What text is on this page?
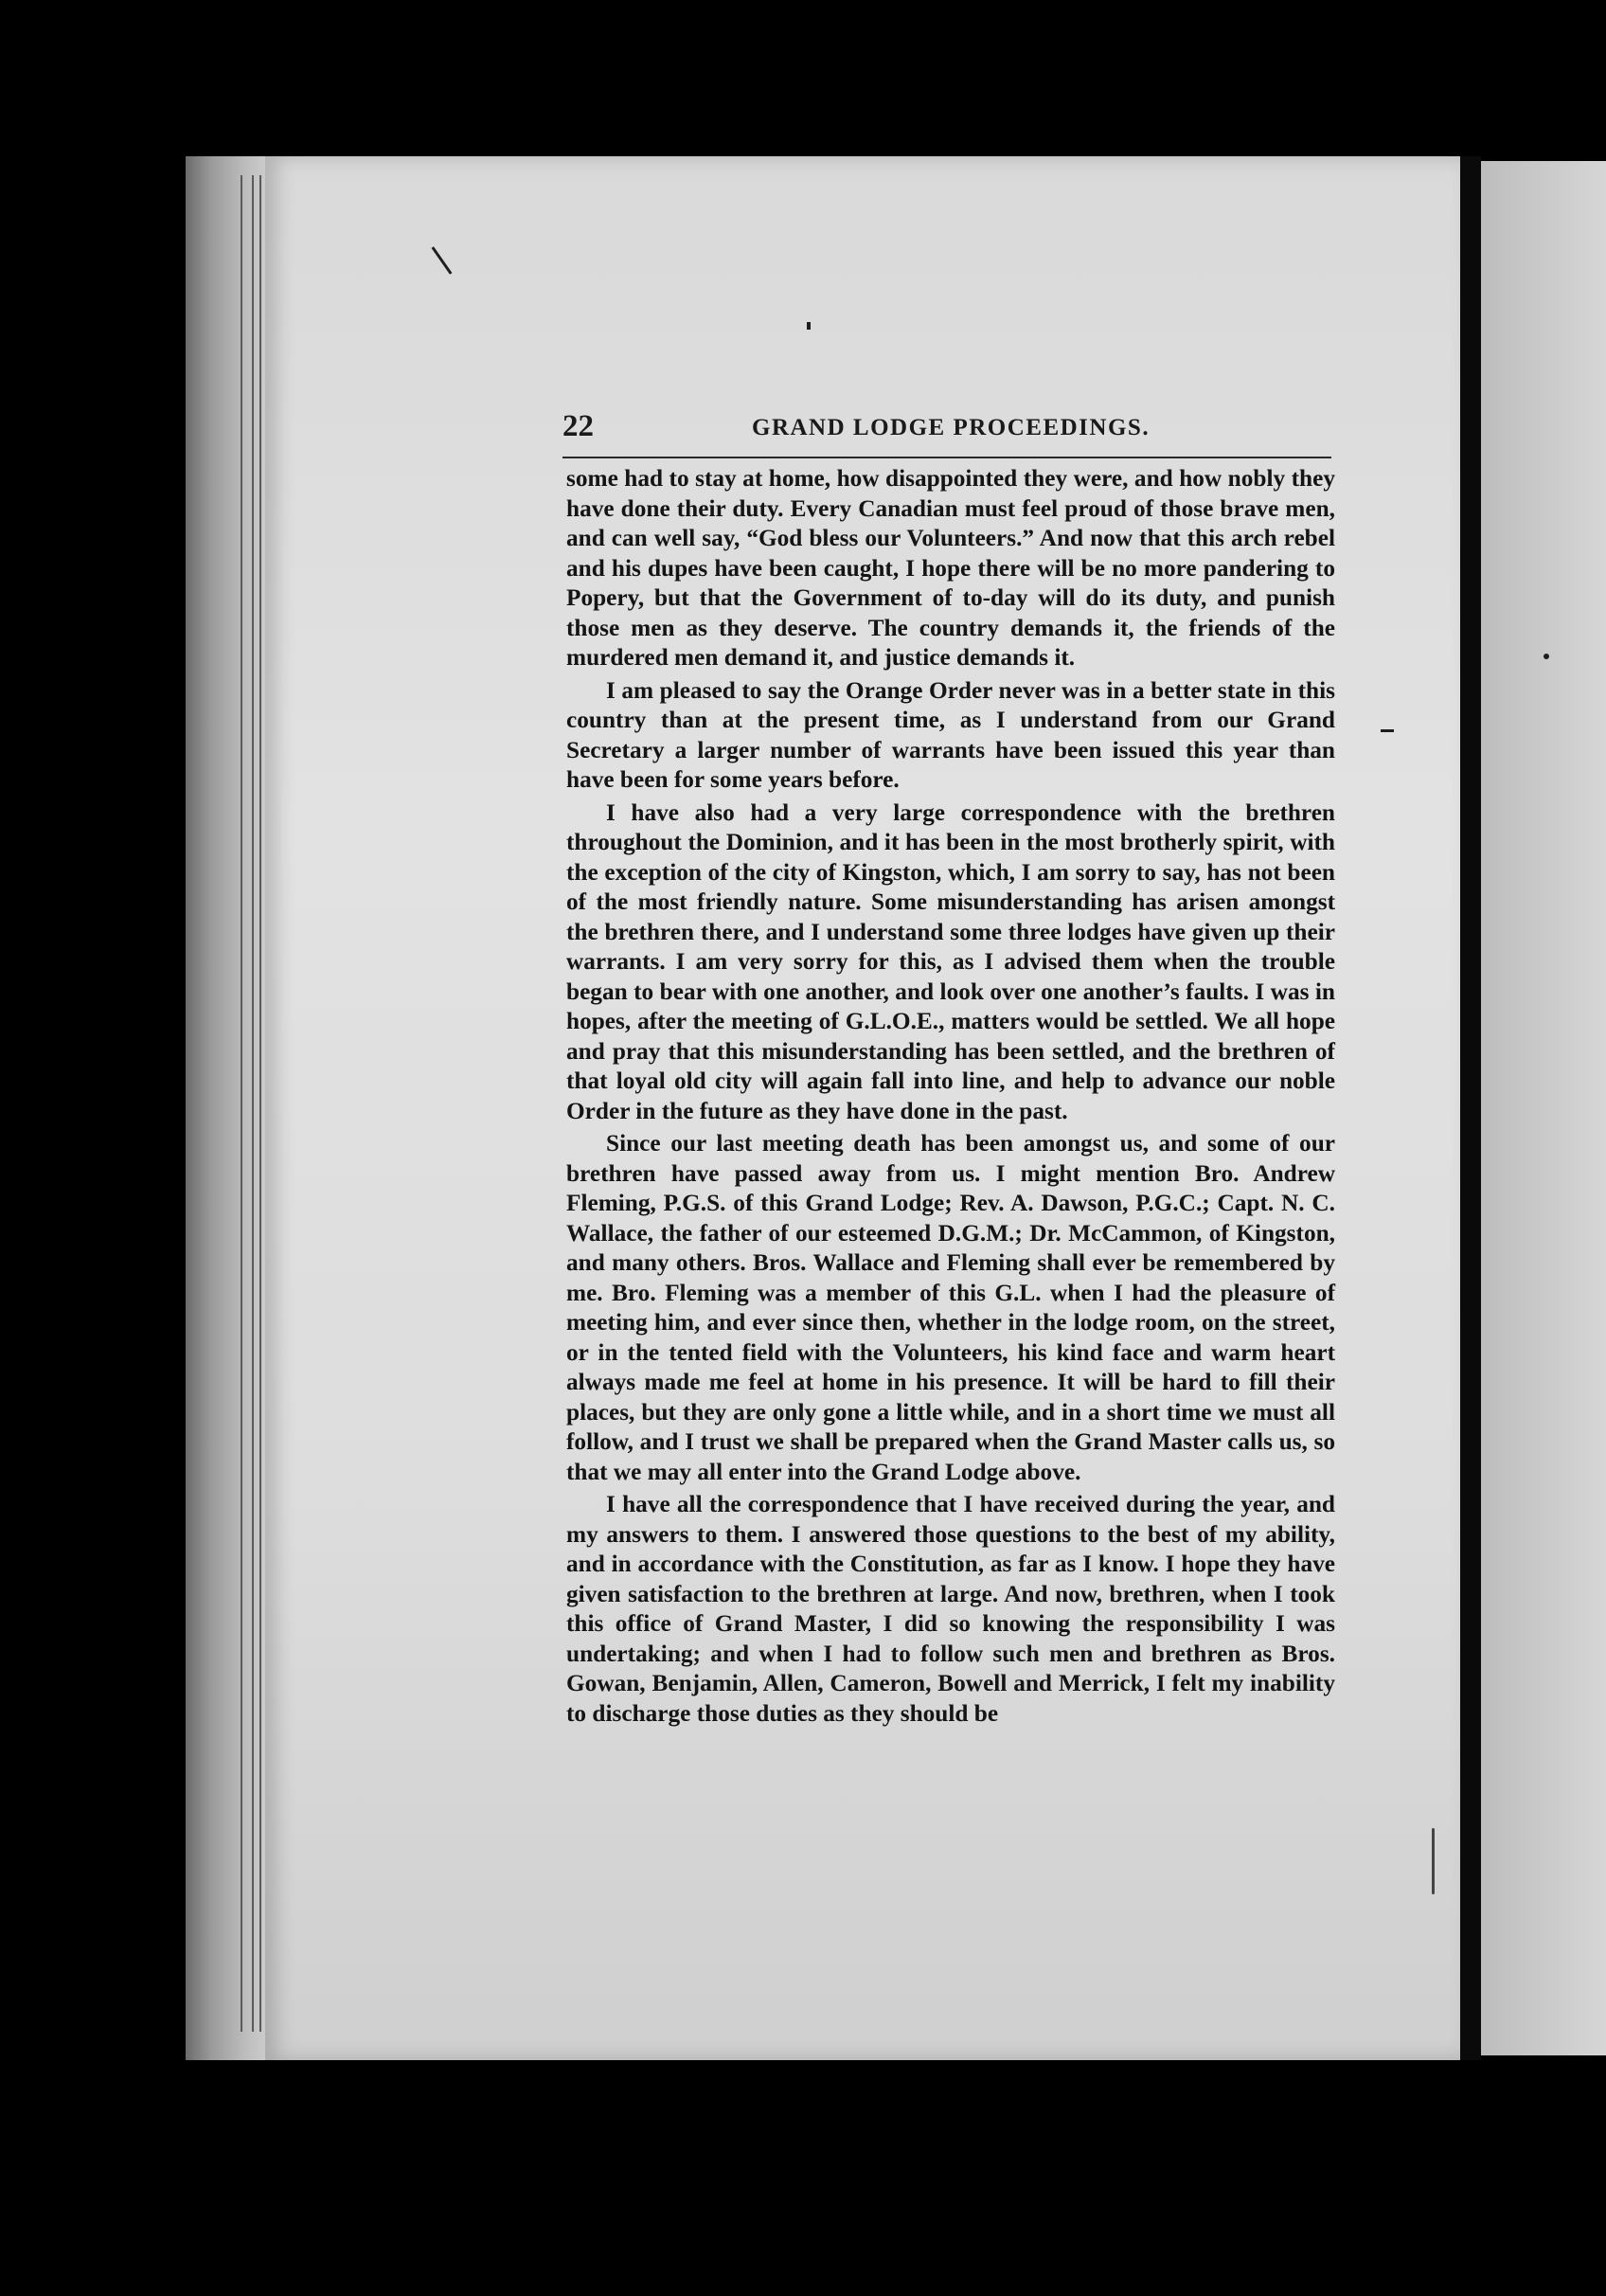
22	GRAND LODGE PROCEEDINGS.

some had to stay at home, how disappointed they were, and how nobly they have done their duty. Every Canadian must feel proud of those brave men, and can well say, “God bless our Volunteers.” And now that this arch rebel and his dupes have been caught, I hope there will be no more pandering to Popery, but that the Government of to-day will do its duty, and punish those men as they deserve. The country demands it, the friends of the murdered men demand it, and justice demands it.

I am pleased to say the Orange Order never was in a better state in this country than at the present time, as I understand from our Grand Secretary a larger number of warrants have been issued this year than have been for some years before.

I have also had a very large correspondence with the brethren throughout the Dominion, and it has been in the most brotherly spirit, with the exception of the city of Kingston, which, I am sorry to say, has not been of the most friendly nature. Some misunderstanding has arisen amongst the brethren there, and I understand some three lodges have given up their warrants. I am very sorry for this, as I advised them when the trouble began to bear with one another, and look over one another’s faults. I was in hopes, after the meeting of G.L.O.E., matters would be settled. We all hope and pray that this misunderstanding has been settled, and the brethren of that loyal old city will again fall into line, and help to advance our noble Order in the future as they have done in the past.

Since our last meeting death has been amongst us, and some of our brethren have passed away from us. I might mention Bro. Andrew Fleming, P.G.S. of this Grand Lodge; Rev. A. Dawson, P.G.C.; Capt. N. C. Wallace, the father of our esteemed D.G.M.; Dr. McCammon, of Kingston, and many others. Bros. Wallace and Fleming shall ever be remembered by me. Bro. Fleming was a member of this G.L. when I had the pleasure of meeting him, and ever since then, whether in the lodge room, on the street, or in the tented field with the Volunteers, his kind face and warm heart always made me feel at home in his presence. It will be hard to fill their places, but they are only gone a little while, and in a short time we must all follow, and I trust we shall be prepared when the Grand Master calls us, so that we may all enter into the Grand Lodge above.

I have all the correspondence that I have received during the year, and my answers to them. I answered those questions to the best of my ability, and in accordance with the Constitution, as far as I know. I hope they have given satisfaction to the brethren at large. And now, brethren, when I took this office of Grand Master, I did so knowing the responsibility I was undertaking; and when I had to follow such men and brethren as Bros. Gowan, Benjamin, Allen, Cameron, Bowell and Merrick, I felt my inability to discharge those duties as they should be
